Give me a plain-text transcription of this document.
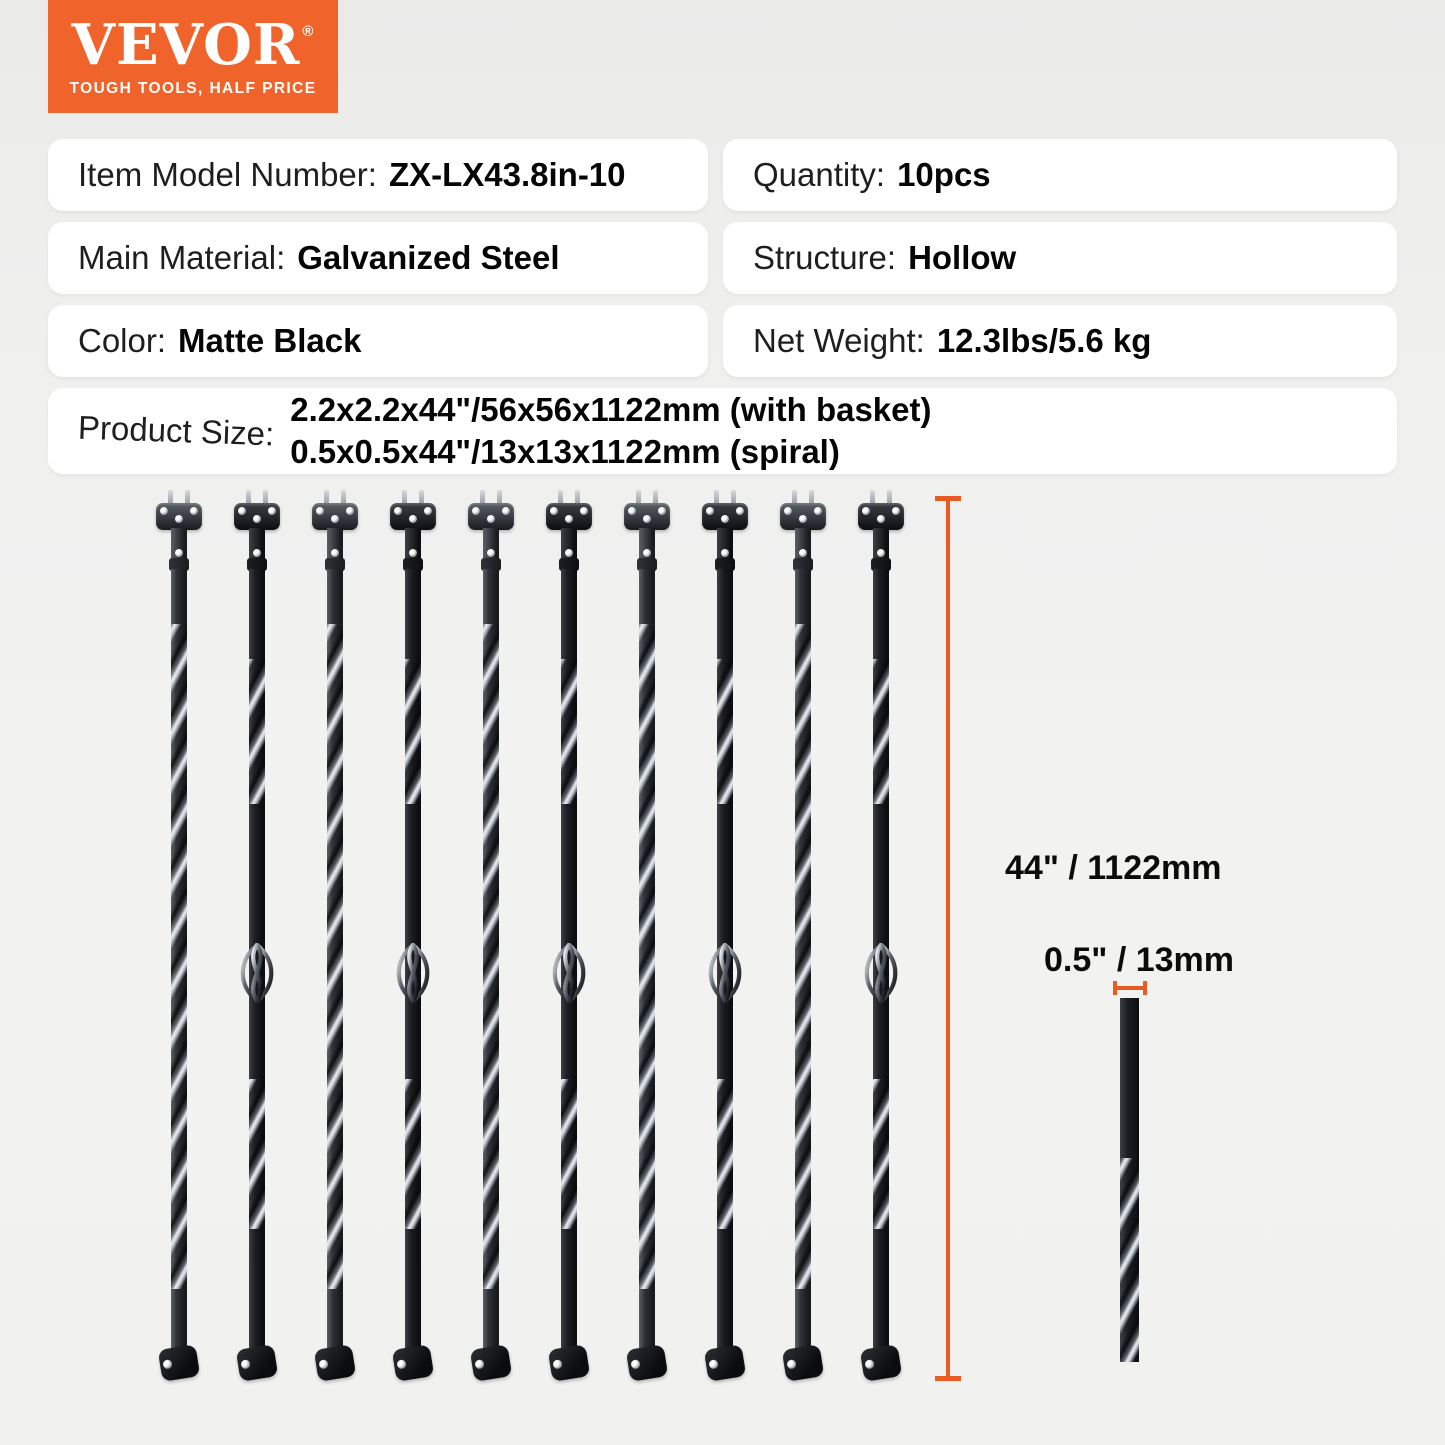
VEVOR ®
TOUGH TOOLS, HALF PRICE
Item Model Number: ZX-LX43.8in-10	Quantity: 10pcs
Main Material: Galvanized Steel	Structure: Hollow
Color: Matte Black	Net Weight: 12.3lbs/5.6 kg
Product Size: 2.2x2.2x44"/56x56x1122mm (with basket)
0.5x0.5x44"/13x13x1122mm (spiral)
44" / 1122mm
0.5" / 13mm
